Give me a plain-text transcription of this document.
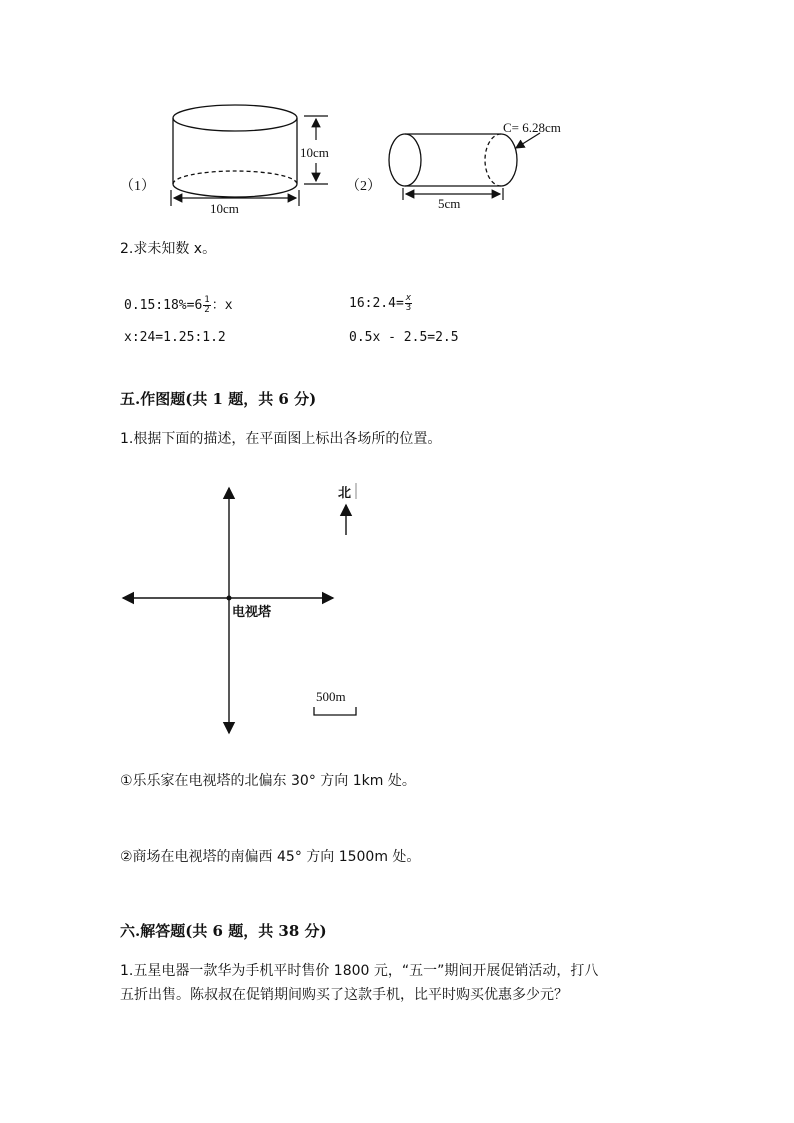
10cm
10cm
（1）
C= 6.28cm
5cm
（2）
2.求未知数 x。
0.15:18%=6 $\frac{1}{2}$ ：x	16:2.4= $\frac{x}{3}$
x:24=1.25:1.2	0.5x - 2.5=2.5
五.作图题(共 1 题，共 6 分)
1.根据下面的描述，在平面图上标出各场所的位置。
电视塔
北
500m
①乐乐家在电视塔的北偏东 30° 方向 1km 处。
②商场在电视塔的南偏西 45° 方向 1500m 处。
六.解答题(共 6 题，共 38 分)
1.五星电器一款华为手机平时售价 1800 元，“五一”期间开展促销活动，打八
五折出售。陈叔叔在促销期间购买了这款手机，比平时购买优惠多少元？
